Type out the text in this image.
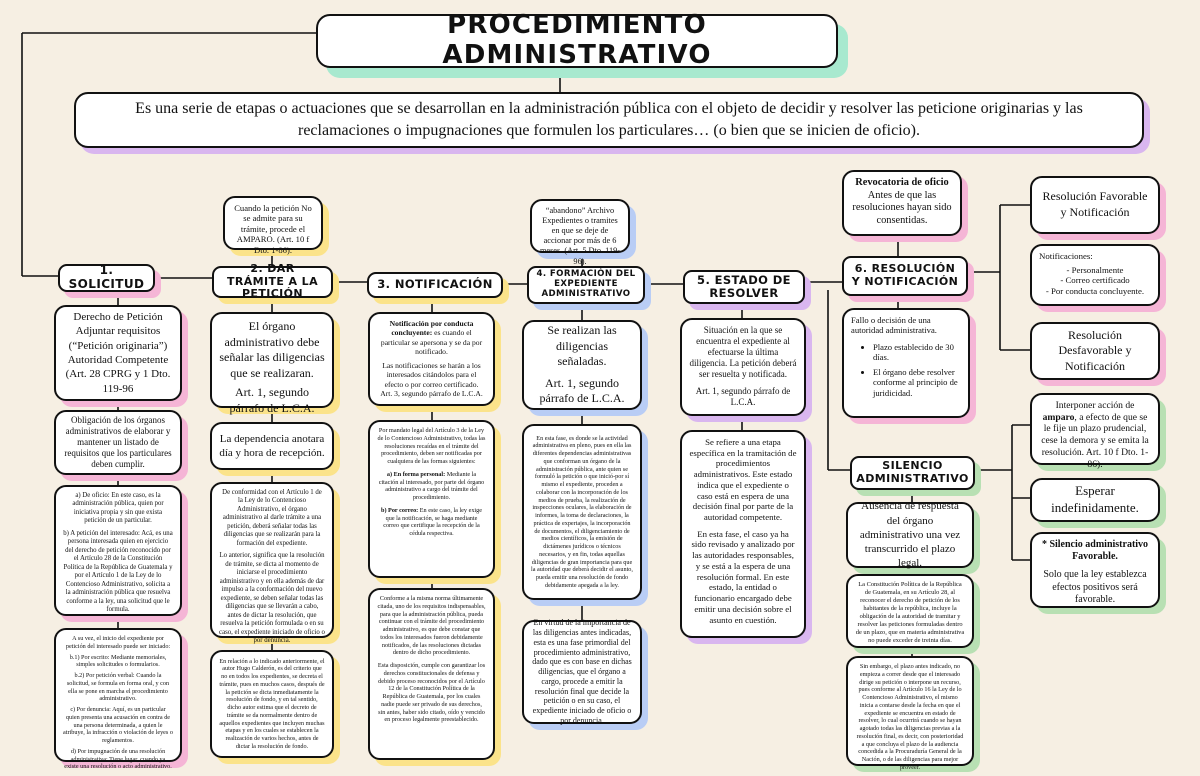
PROCEDIMIENTO ADMINISTRATIVO
Es una serie de etapas o actuaciones que se desarrollan en la administración pública con el objeto de decidir y resolver las peticione originarias y las reclamaciones o impugnaciones que formulen los particulares… (o bien que se inicien de oficio).
1. SOLICITUD
Derecho de Petición Adjuntar requisitos (“Petición originaria”) Autoridad Competente (Art. 28 CPRG y 1 Dto. 119-96
Obligación de los órganos administrativos de elaborar y mantener un listado de requisitos que los particulares deben cumplir.

a) De oficio: En este caso, es la administración pública, quien por iniciativa propia y sin que exista petición de un particular.

b) A petición del interesado: Acá, es una persona interesada quien en ejercicio del derecho de petición reconocido por el Artículo 28 de la Constitución Política de la República de Guatemala y por el Artículo 1 de la Ley de lo Contencioso Administrativo, solicita a la administración pública que resuelva conforme a la ley, una solicitud que le formula.

A su vez, el inicio del expediente por petición del interesado puede ser iniciado:

b.1) Por escrito: Mediante memoriales, simples solicitudes o formularios.

b.2) Por petición verbal: Cuando la solicitud, se formula en forma oral, y con ella se pone en marcha el procedimiento administrativo.

c) Por denuncia: Aquí, es un particular quien presenta una acusación en contra de una persona determinada, a quien le atribuye, la infracción o violación de leyes o reglamentos.

d) Por impugnación de una resolución administrativa: Tiene lugar, cuando ya existe una resolución o acto administrativo.

Cuando la petición No se admite para su trámite, procede el AMPARO. (Art. 10 f Dto. 1-86).
2. DAR TRÁMITE A LA PETICIÓN

El órgano administrativo debe señalar las diligencias que se realizaran.

Art. 1, segundo párrafo de L.C.A.

La dependencia anotara día y hora de recepción.

De conformidad con el Artículo 1 de la Ley de lo Contencioso Administrativo, el órgano administrativo al darle trámite a una petición, deberá señalar todas las diligencias que se realizarán para la formación del expediente.

Lo anterior, significa que la resolución de trámite, se dicta al momento de iniciarse el procedimiento administrativo y en ella además de dar impulso a la conformación del nuevo expediente, se deben señalar todas las diligencias que se llevarán a cabo, antes de dictar la resolución, que resuelva la petición formulada o en su caso, el expediente iniciado de oficio o por denuncia.

En relación a lo indicado anteriormente, el autor Hugo Calderón, es del criterio que no en todos los expedientes, se decreta el trámite, pues en muchos casos, después de la petición se dicta inmediatamente la resolución de fondo, y en tal sentido, dicho autor estima que el decreto de trámite se da normalmente dentro de aquellos expedientes que incluyen muchas etapas y en los cuales se establecen la realización de varios hechos, antes de dictar la resolución de fondo.
3. NOTIFICACIÓN

Notificación por conducta concluyente: es cuando el particular se apersona y se da por notificado.

Las notificaciones se harán a los interesados citándolos para el efecto o por correo certificado.

Art. 3, segundo párrafo de L.C.A.

Por mandato legal del Artículo 3 de la Ley de lo Contencioso Administrativo, todas las resoluciones recaídas en el trámite del procedimiento, deben ser notificadas por cualquiera de las formas siguientes:

a) En forma personal: Mediante la citación al interesado, por parte del órgano administrativo a cargo del trámite del procedimiento.

b) Por correo: En este caso, la ley exige que la notificación, se haga mediante correo que certifique la recepción de la cédula respectiva.

Conforme a la misma norma últimamente citada, uno de los requisitos indispensables, para que la administración pública, pueda continuar con el trámite del procedimiento administrativo, es que debe constar que todos los interesados fueron debidamente notificados, de las resoluciones dictadas dentro de dicho procedimiento.

Esta disposición, cumple con garantizar los derechos constitucionales de defensa y debido proceso reconocidos por el Artículo 12 de la Constitución Política de la República de Guatemala, por los cuales nadie puede ser privado de sus derechos, sin antes, haber sido citado, oído y vencido en proceso legalmente preestablecido.

“abandono” Archivo Expedientes o tramites en que se deje de accionar por más de 6 meses. (Art. 5 Dto. 119-96).
4. FORMACIÓN DEL EXPEDIENTE ADMINISTRATIVO

Se realizan las diligencias señaladas.

Art. 1, segundo párrafo de L.C.A.

En esta fase, es donde se la actividad administrativa en pleno, pues en ella las diferentes dependencias administrativas que conforman un órgano de la administración pública, ante quien se formuló la petición o que inició-por sí mismo el expediente, proceden a colaborar con la incorporación de los medios de prueba, la realización de inspecciones oculares, la elaboración de informes, la toma de declaraciones, la práctica de expertajes, la incorporación de documentos, el diligenciamiento de medios científicos, la emisión de dictámenes jurídicos o técnicos necesarios, y en fin, todas aquellas diligencias de gran importancia para que la autoridad que deberá decidir el asunto, pueda emitir una resolución de fondo debidamente apegada a la ley.
En virtud de la importancia de las diligencias antes indicadas, esta es una fase primordial del procedimiento administrativo, dado que es con base en dichas diligencias, que el órgano a cargo, procede a emitir la resolución final que decide la petición o en su caso, el expediente iniciado de oficio o por denuncia.
5. ESTADO DE RESOLVER

Situación en la que se encuentra el expediente al efectuarse la última diligencia. La petición deberá ser resuelta y notificada.

Art. 1, segundo párrafo de L.C.A.

Se refiere a una etapa específica en la tramitación de procedimientos administrativos. Este estado indica que el expediente o caso está en espera de una decisión final por parte de la autoridad competente.

En esta fase, el caso ya ha sido revisado y analizado por las autoridades responsables, y se está a la espera de una resolución formal. En este estado, la entidad o funcionario encargado debe emitir una decisión sobre el asunto en cuestión.

Revocatoria de oficio

Antes de que las resoluciones hayan sido consentidas.

6. RESOLUCIÓN Y NOTIFICACIÓN

Fallo o decisión de una autoridad administrativa.

• Plazo establecido de 30 días.
• El órgano debe resolver conforme al principio de juridicidad.
Resolución Favorable y Notificación

Notificaciones:

- Personalmente

- Correo certificado

- Por conducta concluyente.

Resolución Desfavorable y Notificación
SILENCIO ADMINISTRATIVO
Ausencia de respuesta del órgano administrativo una vez transcurrido el plazo legal.
La Constitución Política de la República de Guatemala, en su Artículo 28, al reconocer el derecho de petición de los habitantes de la república, incluye la obligación de la autoridad de tramitar y resolver las peticiones formuladas dentro de un plazo, que en materia administrativa no puede exceder de treinta días.
Sin embargo, el plazo antes indicado, no empieza a correr desde que el interesado dirige su petición o interpone un recurso, pues conforme al Artículo 16 la Ley de lo Contencioso Administrativo, el mismo inicia a contarse desde la fecha en que el expediente se encuentra en estado de resolver, lo cual ocurrirá cuando se hayan agotado todas las diligencias previas a la resolución final, es decir, con posterioridad a que concluya el plazo de la audiencia concedida a la Procuraduría General de la Nación, o de las diligencias para mejor proveer.
Interponer acción de amparo, a efecto de que se le fije un plazo prudencial, cese la demora y se emita la resolución. Art. 10 f Dto. 1-86).
Esperar indefinidamente.

* Silencio administrativo Favorable.

Solo que la ley establezca efectos positivos será favorable.
